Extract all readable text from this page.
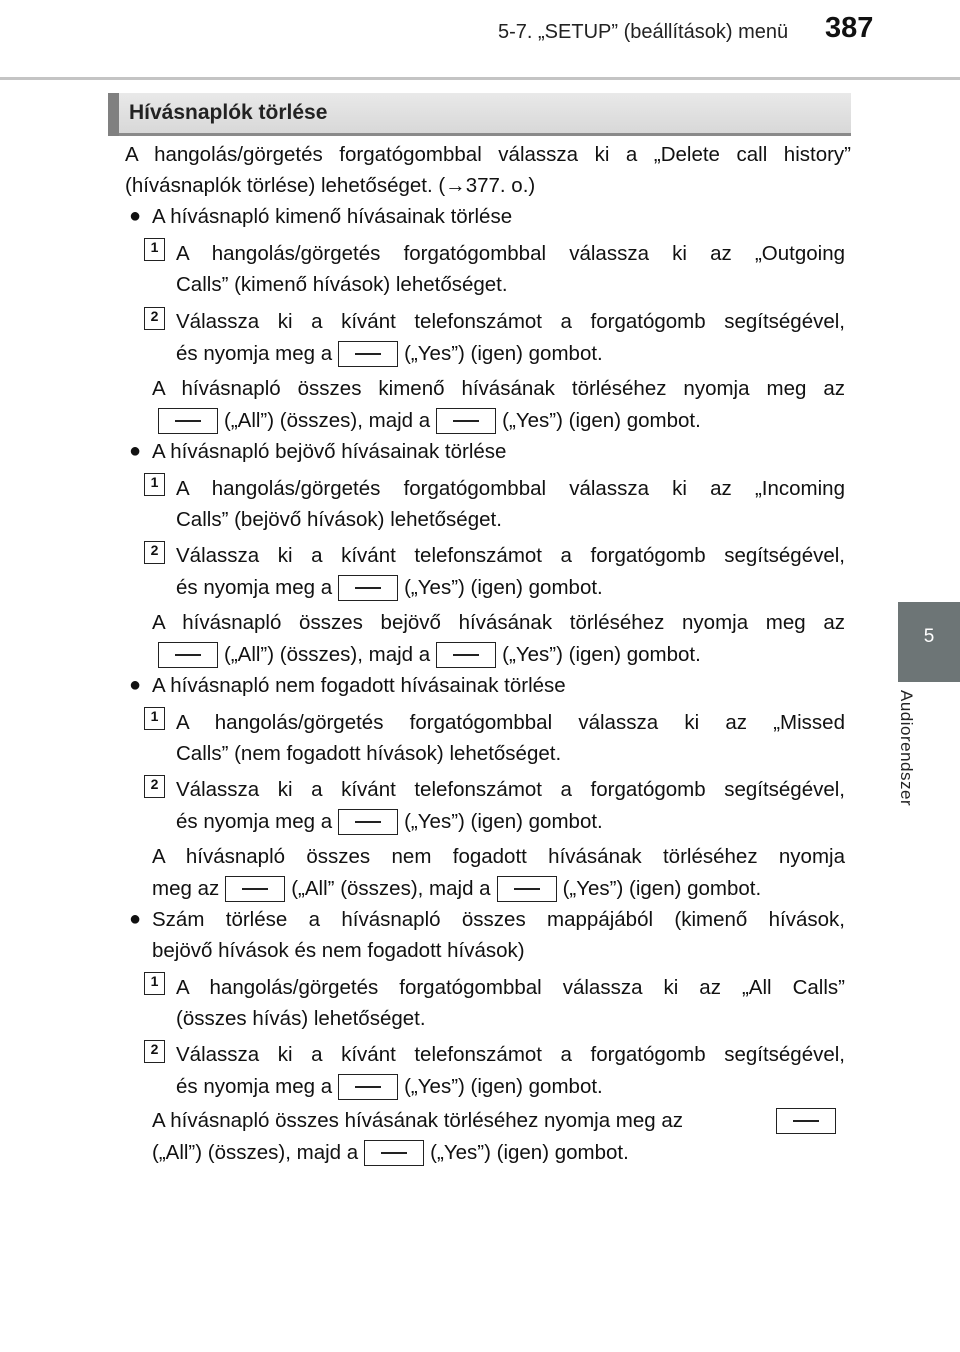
5-7. „SETUP” (beállítások) menü 387
5
Audiorendszer
Hívásnaplók törlése
A hangolás/görgetés forgatógombbal válassza ki a „Delete call history”
(hívásnaplók törlése) lehetőséget. (→377. o.)
● A hívásnapló kimenő hívásainak törlése
1 A hangolás/görgetés forgatógombbal válassza ki az „Outgoing
Calls” (kimenő hívások) lehetőséget.
2 Válassza ki a kívánt telefonszámot a forgatógomb segítségével,
és nyomja meg a	(„Yes”) (igen) gombot.
A hívásnapló összes kimenő hívásának törléséhez nyomja meg az
(„All”) (összes), majd a	(„Yes”) (igen) gombot.
● A hívásnapló bejövő hívásainak törlése
1 A hangolás/görgetés forgatógombbal válassza ki az „Incoming
Calls” (bejövő hívások) lehetőséget.
2 Válassza ki a kívánt telefonszámot a forgatógomb segítségével,
és nyomja meg a	(„Yes”) (igen) gombot.
A hívásnapló összes bejövő hívásának törléséhez nyomja meg az
(„All”) (összes), majd a	(„Yes”) (igen) gombot.
● A hívásnapló nem fogadott hívásainak törlése
1 A hangolás/görgetés forgatógombbal válassza ki az „Missed
Calls” (nem fogadott hívások) lehetőséget.
2 Válassza ki a kívánt telefonszámot a forgatógomb segítségével,
és nyomja meg a	(„Yes”) (igen) gombot.
A hívásnapló összes nem fogadott hívásának törléséhez nyomja
meg az	(„All” (összes), majd a	(„Yes”) (igen) gombot.
● Szám törlése a hívásnapló összes mappájából (kimenő hívások,
bejövő hívások és nem fogadott hívások)
1 A hangolás/görgetés forgatógombbal válassza ki az „All Calls”
(összes hívás) lehetőséget.
2 Válassza ki a kívánt telefonszámot a forgatógomb segítségével,
és nyomja meg a	(„Yes”) (igen) gombot.
A hívásnapló összes hívásának törléséhez nyomja meg az
(„All”) (összes), majd a	(„Yes”) (igen) gombot.
